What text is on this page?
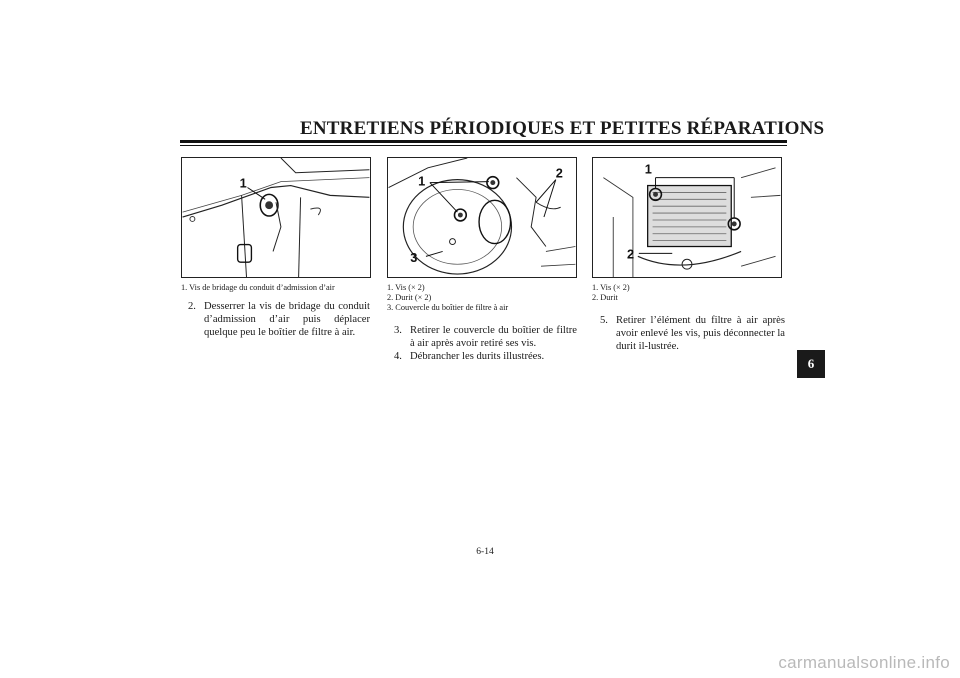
ENTRETIENS PÉRIODIQUES ET PETITES RÉPARATIONS
1	1
2
3
1
2
1. Vis de bridage du conduit d’admission d’air	1. Vis (× 2)
2. Durit (× 2)
3. Couvercle du boîtier de filtre à air
1. Vis (× 2)
2. Durit
2. Desserrer la vis de bridage du conduit d’admission d’air puis déplacer quelque peu le boîtier de filtre à air.	3. Retirer le couvercle du boîtier de filtre à air après avoir retiré ses vis.
4. Débrancher les durits illustrées.
5. Retirer l’élément du filtre à air après avoir enlevé les vis, puis déconnecter la durit il-lustrée.
6
6-14
carmanualsonline.info
